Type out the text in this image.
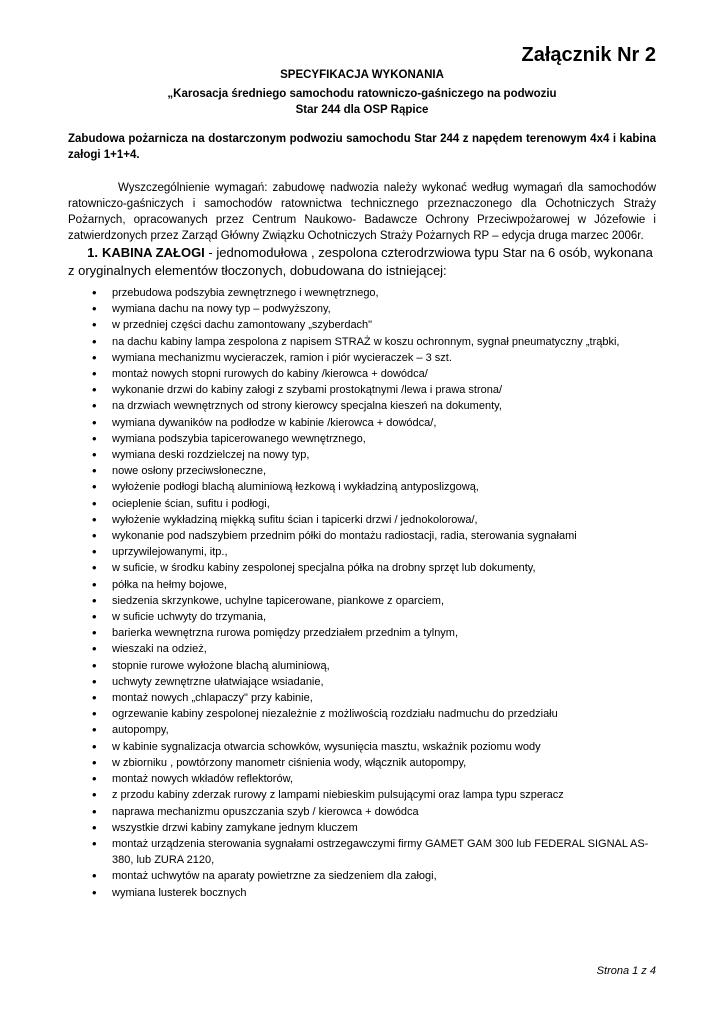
Załącznik Nr 2
SPECYFIKACJA WYKONANIA
„Karosacja średniego samochodu ratowniczo-gaśniczego na podwoziu
Star 244 dla OSP Rąpice
Zabudowa pożarnicza na dostarczonym podwoziu samochodu Star 244 z napędem terenowym 4x4 i kabina załogi 1+1+4.
Wyszczególnienie wymagań: zabudowę nadwozia należy wykonać według wymagań dla samochodów ratowniczo-gaśniczych i samochodów ratownictwa technicznego przeznaczonego dla Ochotniczych Straży Pożarnych, opracowanych przez Centrum Naukowo- Badawcze Ochrony Przeciwpożarowej w Józefowie i zatwierdzonych przez Zarząd Główny Związku Ochotniczych Straży Pożarnych RP – edycja druga marzec 2006r.
1. KABINA ZAŁOGI - jednomodułowa , zespolona czterodrzwiowa typu Star na 6 osób, wykonana z oryginalnych elementów tłoczonych, dobudowana do istniejącej:
• przebudowa podszybia zewnętrznego i wewnętrznego,
• wymiana dachu na nowy typ – podwyższony,
• w przedniej części dachu zamontowany „szyberdach"
• na dachu kabiny lampa zespolona z napisem STRAŻ w koszu ochronnym, sygnał pneumatyczny „trąbki,
• wymiana mechanizmu wycieraczek, ramion i piór wycieraczek – 3 szt.
• montaż nowych stopni rurowych do kabiny /kierowca + dowódca/
• wykonanie drzwi do kabiny załogi z szybami prostokątnymi /lewa i prawa strona/
• na drzwiach wewnętrznych od strony kierowcy specjalna kieszeń na dokumenty,
• wymiana dywaników na podłodze w kabinie /kierowca + dowódca/,
• wymiana podszybia tapicerowanego wewnętrznego,
• wymiana deski rozdzielczej na nowy typ,
• nowe osłony przeciwsłoneczne,
• wyłożenie podłogi blachą aluminiową łezkową i wykładziną antyposlizgową,
• ocieplenie ścian, sufitu i podłogi,
• wyłożenie wykładziną miękką sufitu ścian i tapicerki drzwi / jednokolorowa/,
• wykonanie pod nadszybiem przednim półki do montażu radiostacji, radia, sterowania sygnałami
• uprzywilejowanymi, itp.,
• w suficie, w środku kabiny zespolonej specjalna półka na drobny sprzęt lub dokumenty,
• półka na hełmy bojowe,
• siedzenia skrzynkowe, uchylne tapicerowane, piankowe z oparciem,
• w suficie uchwyty do trzymania,
• barierka wewnętrzna rurowa pomiędzy przedziałem przednim a tylnym,
• wieszaki na odzież,
• stopnie rurowe wyłożone blachą aluminiową,
• uchwyty zewnętrzne ułatwiające wsiadanie,
• montaż nowych „chlapaczy" przy kabinie,
• ogrzewanie kabiny zespolonej niezależnie z możliwością rozdziału nadmuchu do przedziału
• autopompy,
• w kabinie sygnalizacja otwarcia schowków, wysunięcia masztu, wskaźnik poziomu wody
• w zbiorniku , powtórzony manometr ciśnienia wody, włącznik autopompy,
• montaż nowych wkładów reflektorów,
• z przodu kabiny zderzak rurowy z lampami niebieskim pulsującymi oraz lampa typu szperacz
• naprawa mechanizmu opuszczania szyb / kierowca + dowódca
• wszystkie drzwi kabiny zamykane jednym kluczem
• montaż urządzenia sterowania sygnałami ostrzegawczymi firmy GAMET GAM 300 lub FEDERAL SIGNAL AS-380, lub ZURA 2120,
• montaż uchwytów na aparaty powietrzne za siedzeniem dla załogi,
• wymiana lusterek bocznych
Strona 1 z 4
